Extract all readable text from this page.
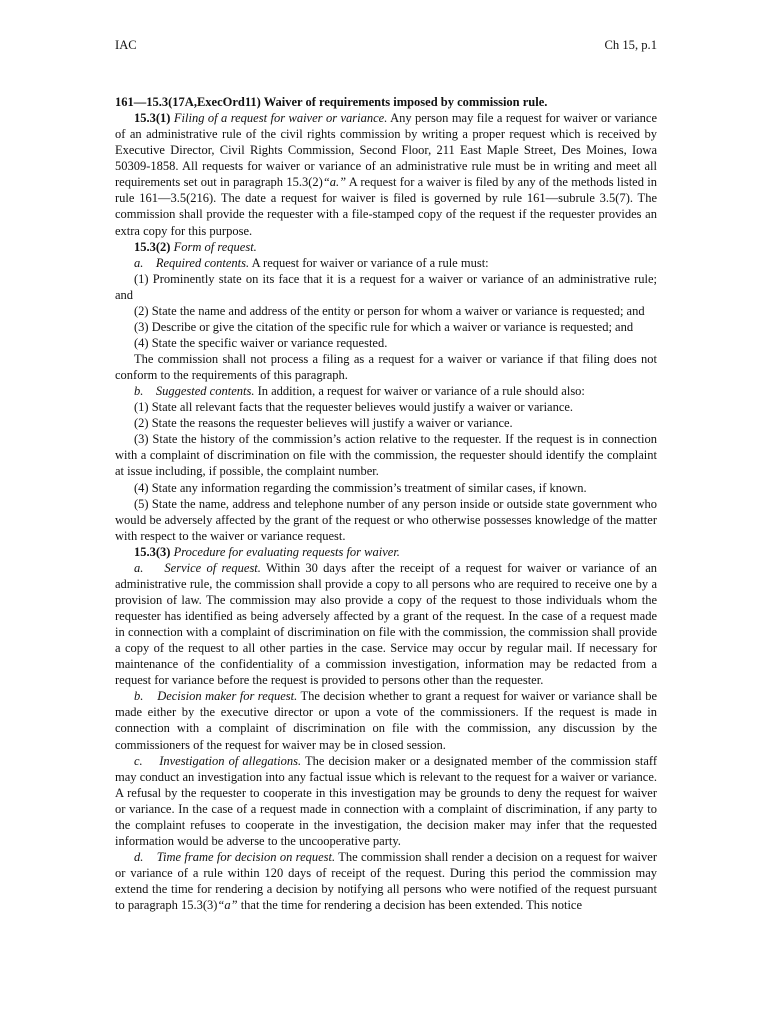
IAC	Ch 15, p.1

161—15.3(17A,ExecOrd11) Waiver of requirements imposed by commission rule.

15.3(1) Filing of a request for waiver or variance. Any person may file a request for waiver or variance of an administrative rule of the civil rights commission by writing a proper request which is received by Executive Director, Civil Rights Commission, Second Floor, 211 East Maple Street, Des Moines, Iowa 50309-1858. All requests for waiver or variance of an administrative rule must be in writing and meet all requirements set out in paragraph 15.3(2)“a.” A request for a waiver is filed by any of the methods listed in rule 161—3.5(216). The date a request for waiver is filed is governed by rule 161—subrule 3.5(7). The commission shall provide the requester with a file-stamped copy of the request if the requester provides an extra copy for this purpose.

15.3(2) Form of request.

a. Required contents. A request for waiver or variance of a rule must:

(1) Prominently state on its face that it is a request for a waiver or variance of an administrative rule; and

(2) State the name and address of the entity or person for whom a waiver or variance is requested; and

(3) Describe or give the citation of the specific rule for which a waiver or variance is requested; and

(4) State the specific waiver or variance requested.

The commission shall not process a filing as a request for a waiver or variance if that filing does not conform to the requirements of this paragraph.

b. Suggested contents. In addition, a request for waiver or variance of a rule should also:

(1) State all relevant facts that the requester believes would justify a waiver or variance.

(2) State the reasons the requester believes will justify a waiver or variance.

(3) State the history of the commission’s action relative to the requester. If the request is in connection with a complaint of discrimination on file with the commission, the requester should identify the complaint at issue including, if possible, the complaint number.

(4) State any information regarding the commission’s treatment of similar cases, if known.

(5) State the name, address and telephone number of any person inside or outside state government who would be adversely affected by the grant of the request or who otherwise possesses knowledge of the matter with respect to the waiver or variance request.

15.3(3) Procedure for evaluating requests for waiver.

a. Service of request. Within 30 days after the receipt of a request for waiver or variance of an administrative rule, the commission shall provide a copy to all persons who are required to receive one by a provision of law. The commission may also provide a copy of the request to those individuals whom the requester has identified as being adversely affected by a grant of the request. In the case of a request made in connection with a complaint of discrimination on file with the commission, the commission shall provide a copy of the request to all other parties in the case. Service may occur by regular mail. If necessary for maintenance of the confidentiality of a commission investigation, information may be redacted from a request for variance before the request is provided to persons other than the requester.

b. Decision maker for request. The decision whether to grant a request for waiver or variance shall be made either by the executive director or upon a vote of the commissioners. If the request is made in connection with a complaint of discrimination on file with the commission, any discussion by the commissioners of the request for waiver may be in closed session.

c. Investigation of allegations. The decision maker or a designated member of the commission staff may conduct an investigation into any factual issue which is relevant to the request for a waiver or variance. A refusal by the requester to cooperate in this investigation may be grounds to deny the request for waiver or variance. In the case of a request made in connection with a complaint of discrimination, if any party to the complaint refuses to cooperate in the investigation, the decision maker may infer that the requested information would be adverse to the uncooperative party.

d. Time frame for decision on request. The commission shall render a decision on a request for waiver or variance of a rule within 120 days of receipt of the request. During this period the commission may extend the time for rendering a decision by notifying all persons who were notified of the request pursuant to paragraph 15.3(3)“a” that the time for rendering a decision has been extended. This notice
